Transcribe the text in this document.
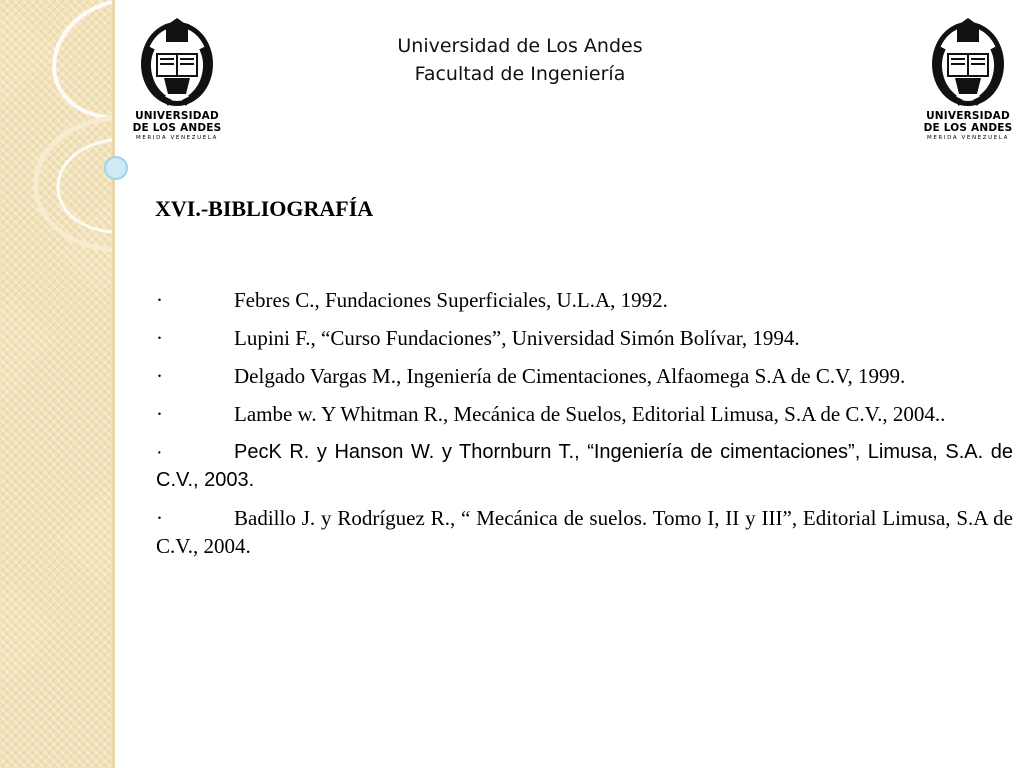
Universidad de Los Andes
Facultad de Ingeniería
UNIVERSIDAD
DE LOS ANDES
MERIDA VENEZUELA
UNIVERSIDAD
DE LOS ANDES
MERIDA VENEZUELA
XVI.-BIBLIOGRAFÍA

·	Febres C., Fundaciones Superficiales, U.L.A, 1992.

·	Lupini F., “Curso Fundaciones”, Universidad Simón Bolívar, 1994.

·	Delgado Vargas M., Ingeniería de Cimentaciones, Alfaomega S.A de C.V, 1999.

·	Lambe w. Y Whitman R., Mecánica de Suelos, Editorial Limusa, S.A de C.V., 2004..

·	PecK R. y Hanson W. y Thornburn T., “Ingeniería de cimentaciones”, Limusa, S.A. de C.V., 2003.

·	Badillo J. y Rodríguez R., “ Mecánica de suelos. Tomo I, II y III”, Editorial Limusa, S.A de C.V., 2004.
